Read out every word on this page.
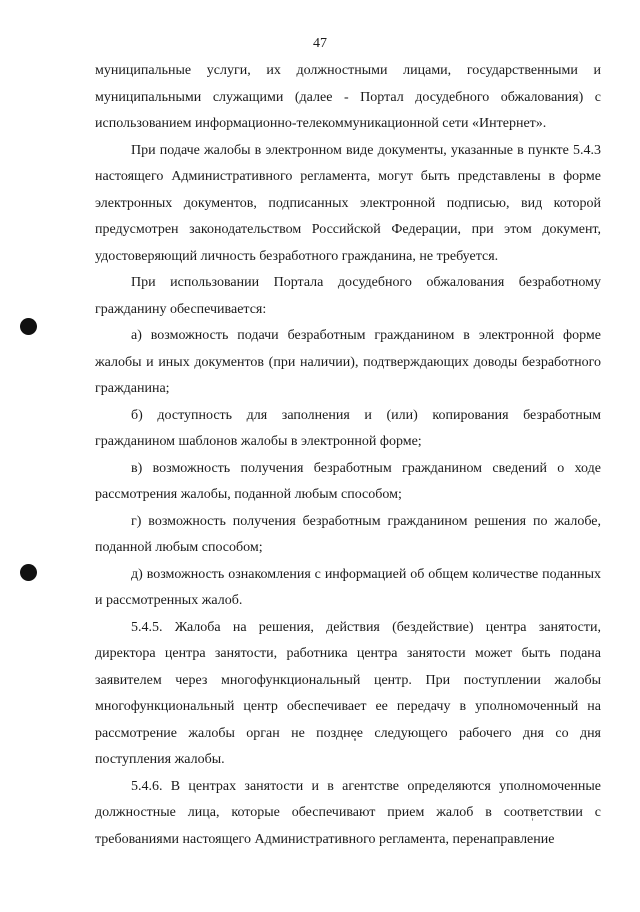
47

муниципальные услуги, их должностными лицами, государственными и муниципальными служащими (далее - Портал досудебного обжалования) с использованием информационно-телекоммуникационной сети «Интернет».

При подаче жалобы в электронном виде документы, указанные в пункте 5.4.3 настоящего Административного регламента, могут быть представлены в форме электронных документов, подписанных электронной подписью, вид которой предусмотрен законодательством Российской Федерации, при этом документ, удостоверяющий личность безработного гражданина, не требуется.

При использовании Портала досудебного обжалования безработному гражданину обеспечивается:

а) возможность подачи безработным гражданином в электронной форме жалобы и иных документов (при наличии), подтверждающих доводы безработного гражданина;

б) доступность для заполнения и (или) копирования безработным гражданином шаблонов жалобы в электронной форме;

в) возможность получения безработным гражданином сведений о ходе рассмотрения жалобы, поданной любым способом;

г) возможность получения безработным гражданином решения по жалобе, поданной любым способом;

д) возможность ознакомления с информацией об общем количестве поданных и рассмотренных жалоб.

5.4.5. Жалоба на решения, действия (бездействие) центра занятости, директора центра занятости, работника центра занятости может быть подана заявителем через многофункциональный центр. При поступлении жалобы многофункциональный центр обеспечивает ее передачу в уполномоченный на рассмотрение жалобы орган не позднее следующего рабочего дня со дня поступления жалобы.

5.4.6. В центрах занятости и в агентстве определяются уполномоченные должностные лица, которые обеспечивают прием жалоб в соответствии с требованиями настоящего Административного регламента, перенаправление
